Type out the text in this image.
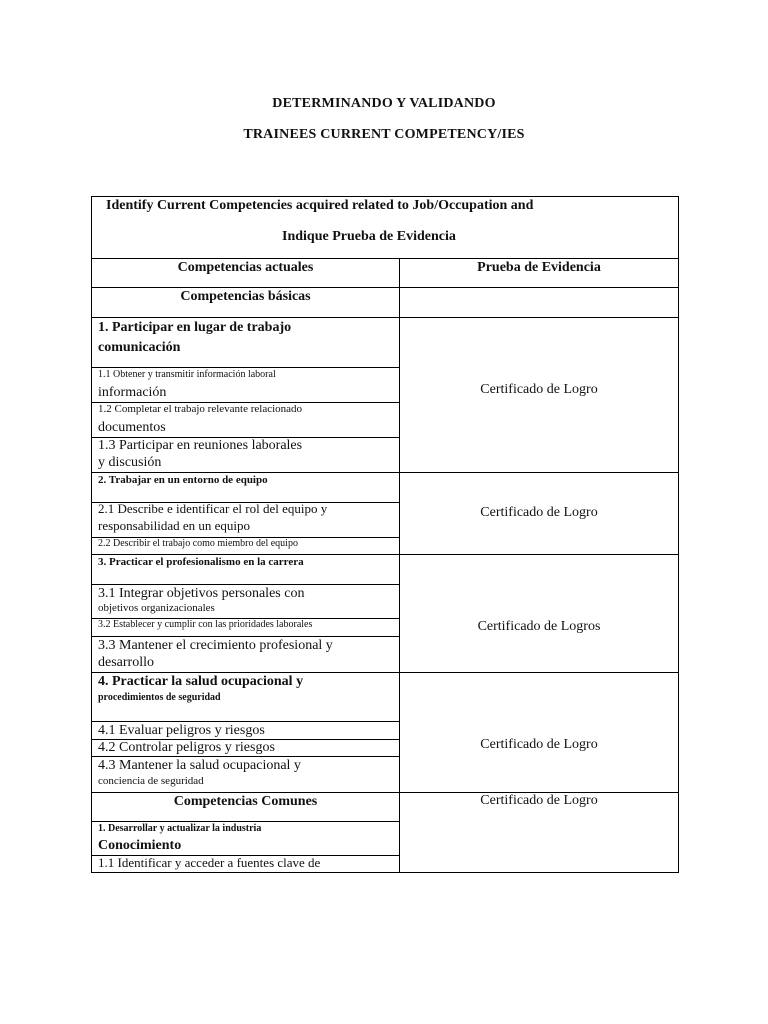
DETERMINANDO Y VALIDANDO
TRAINEES CURRENT COMPETENCY/IES
Identify Current Competencies acquired related to Job/Occupation and
Indique Prueba de Evidencia
Competencias actuales	Prueba de Evidencia
Competencias básicas
1. Participar en lugar de trabajo
comunicación
1.1 Obtener y transmitir información laboral
información
1.2 Completar el trabajo relevante relacionado
documentos
1.3 Participar en reuniones laborales
y discusión
Certificado de Logro
2. Trabajar en un entorno de equipo
2.1 Describe e identificar el rol del equipo y
responsabilidad en un equipo
2.2 Describir el trabajo como miembro del equipo
Certificado de Logro
3. Practicar el profesionalismo en la carrera
3.1 Integrar objetivos personales con
objetivos organizacionales
3.2 Establecer y cumplir con las prioridades laborales
3.3 Mantener el crecimiento profesional y
desarrollo
Certificado de Logros
4. Practicar la salud ocupacional y
procedimientos de seguridad
4.1 Evaluar peligros y riesgos
4.2 Controlar peligros y riesgos
4.3 Mantener la salud ocupacional y
conciencia de seguridad
Certificado de Logro
Competencias Comunes	Certificado de Logro
1. Desarrollar y actualizar la industria
Conocimiento
1.1 Identificar y acceder a fuentes clave de
